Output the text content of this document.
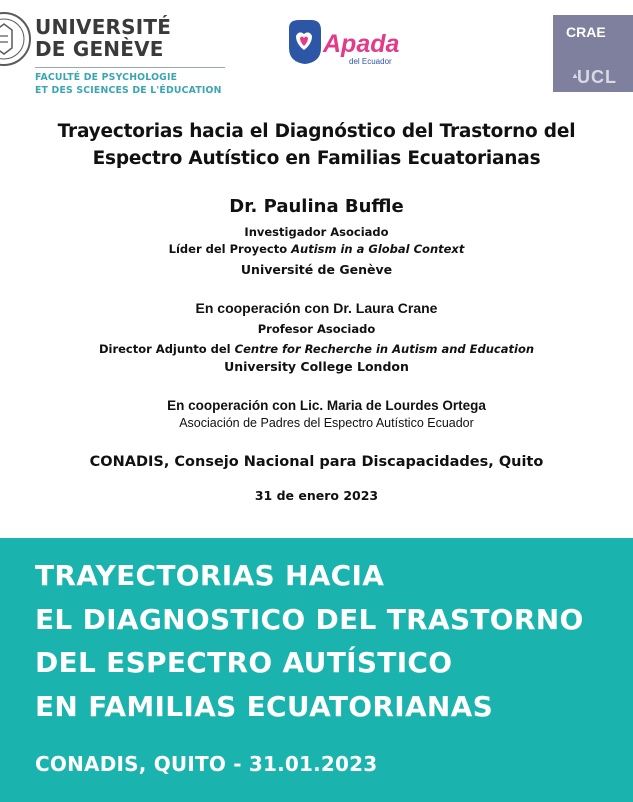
UNIVERSITÉ
DE GENÈVE
FACULTÉ DE PSYCHOLOGIE
ET DES SCIENCES DE L'ÉDUCATION
Apada
del Ecuador
CRAE
▲
UCL
Trayectorias hacia el Diagnóstico del Trastorno del
Espectro Autístico en Familias Ecuatorianas
Dr. Paulina Buffle
Investigador Asociado
Líder del Proyecto Autism in a Global Context
Université de Genève
En cooperación con Dr. Laura Crane
Profesor Asociado
Director Adjunto del Centre for Recherche in Autism and Education
University College London
En cooperación con Lic. Maria de Lourdes Ortega
Asociación de Padres del Espectro Autístico Ecuador
CONADIS, Consejo Nacional para Discapacidades, Quito
31 de enero 2023
TRAYECTORIAS HACIA
EL DIAGNOSTICO DEL TRASTORNO
DEL ESPECTRO AUTÍSTICO
EN FAMILIAS ECUATORIANAS
CONADIS, QUITO - 31.01.2023
